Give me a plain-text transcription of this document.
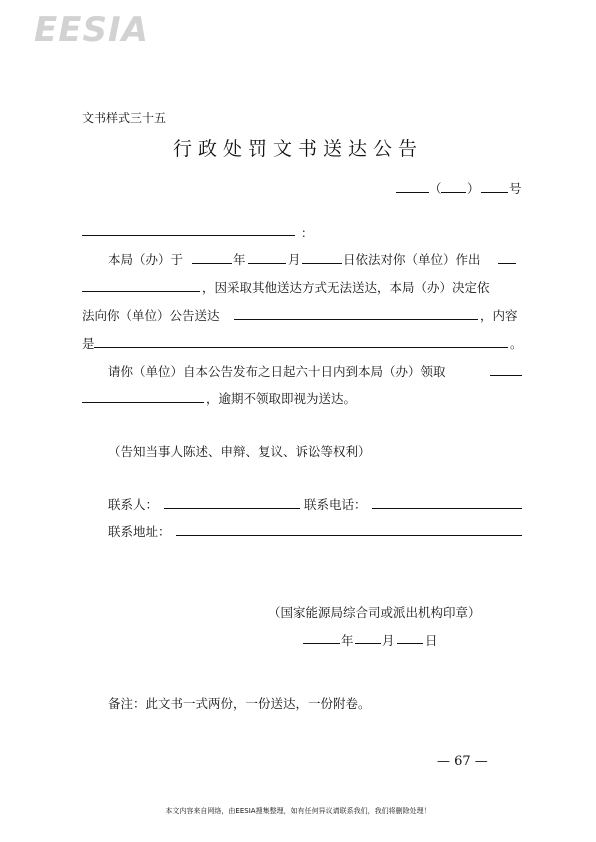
EESIA
文书样式三十五
行政处罚文书送达公告
（ ） 号
：
本局（办）于	年	月	日依法对你（单位）作出
，因采取其他送达方式无法送达，本局（办）决定依
法向你（单位）公告送达	，内容
是	。
请你（单位）自本公告发布之日起六十日内到本局（办）领取
，逾期不领取即视为送达。
（告知当事人陈述、申辩、复议、诉讼等权利）
联系人：	联系电话：
联系地址：
（国家能源局综合司或派出机构印章）
年 月 日
备注：此文书一式两份，一份送达，一份附卷。
— 67 —
本文内容来自网络，由EESIA搜集整理，如有任何异议请联系我们，我们将删除处理！
